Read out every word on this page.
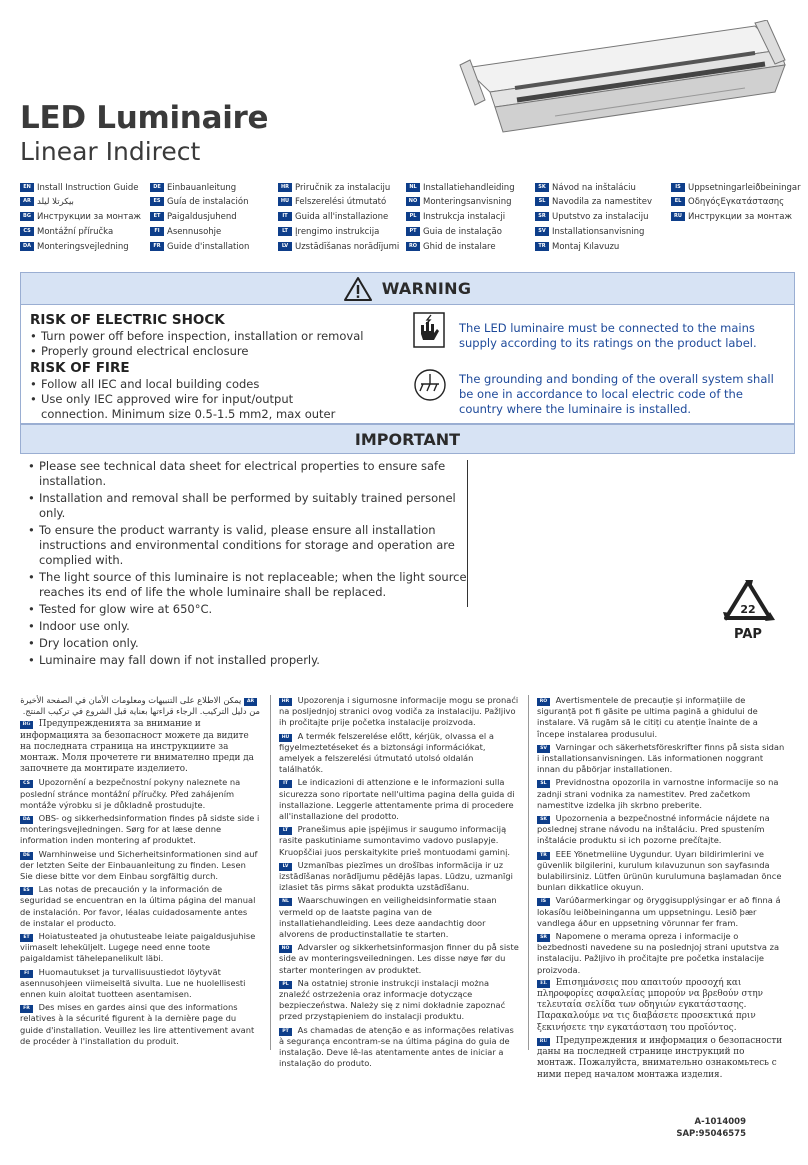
LED Luminaire
Linear Indirect
EN Install Instruction Guide
AR بيكرتلا ليلد
BG Инструкции за монтаж
CS Montážní příručka
DA Monteringsvejledning
DE Einbauanleitung
ES Guía de instalación
ET Paigaldusjuhend
FI Asennusohje
FR Guide d'installation
HR Priručnik za instalaciju
HU Felszerelési útmutató
IT Guida all'installazione
LT Įrengimo instrukcija
LV Uzstādīšanas norādījumi
NL Installatiehandleiding
NO Monteringsanvisning
PL Instrukcja instalacji
PT Guia de instalação
RO Ghid de instalare
SK Návod na inštaláciu
SL Navodila za namestitev
SR Uputstvo za instalaciju
SV Installationsanvisning
TR Montaj Kılavuzu
IS Uppsetningarleiðbeiningar
EL ΟδηγόςΕγκατάστασης
RU Инструкции за монтаж
WARNING
RISK OF ELECTRIC SHOCK
• Turn power off before inspection, installation or removal
• Properly ground electrical enclosure
RISK OF FIRE
• Follow all IEC and local building codes
• Use only IEC approved wire for input/output connection. Minimum size 0.5-1.5 mm2, max outer
The LED luminaire must be connected to the mains supply according to its ratings on the product label.
The grounding and bonding of the overall system shall be one in accordance to local electric code of the country where the luminaire is installed.
IMPORTANT
• Please see technical data sheet for electrical properties to ensure safe installation.
• Installation and removal shall be performed by suitably trained personel only.
• To ensure the product warranty is valid, please ensure all installation instructions and environmental conditions for storage and operation are complied with.
• The light source of this luminaire is not replaceable; when the light source reaches its end of life the whole luminaire shall be replaced.
• Tested for glow wire at 650°C.
• Indoor use only.
• Dry location only.
• Luminaire may fall down if not installed properly.
22
PAP
AR يمكن الاطلاع على التنبيهات ومعلومات الأمان في الصفحة الأخيرة من دليل التركيب. الرجاء قراءتها بعناية قبل الشروع في تركيب المنتج.
BG Предупрежденията за внимание и информацията за безопасност можете да видите на последната страница на инструкциите за монтаж. Моля прочетете ги внимателно преди да започнете да монтирате изделието.
CS Upozornění a bezpečnostní pokyny naleznete na poslední stránce montážní příručky. Před zahájením montáže výrobku si je důkladně prostudujte.
DA OBS- og sikkerhedsinformation findes på sidste side i monteringsvejledningen. Sørg for at læse denne information inden montering af produktet.
DE Warnhinweise und Sicherheitsinformationen sind auf der letzten Seite der Einbauanleitung zu finden. Lesen Sie diese bitte vor dem Einbau sorgfältig durch.
ES Las notas de precaución y la información de seguridad se encuentran en la última página del manual de instalación. Por favor, léalas cuidadosamente antes de instalar el producto.
ET Hoiatusteated ja ohutusteabe leiate paigaldusjuhise viimaselt leheküljelt. Lugege need enne toote paigaldamist tähelepanelikult läbi.
FI Huomautukset ja turvallisuustiedot löytyvät asennusohjeen viimeiseltä sivulta. Lue ne huolellisesti ennen kuin aloitat tuotteen asentamisen.
FR Des mises en gardes ainsi que des informations relatives à la sécurité figurent à la dernière page du guide d'installation. Veuillez les lire attentivement avant de procéder à l'installation du produit.
HR Upozorenja i sigurnosne informacije mogu se pronaći na posljednjoj stranici ovog vodiča za instalaciju. Pažljivo ih pročitajte prije početka instalacije proizvoda.
HU A termék felszerelése előtt, kérjük, olvassa el a figyelmeztetéseket és a biztonsági információkat, amelyek a felszerelési útmutató utolsó oldalán találhatók.
IT Le indicazioni di attenzione e le informazioni sulla sicurezza sono riportate nell'ultima pagina della guida di installazione. Leggerle attentamente prima di procedere all'installazione del prodotto.
LT Pranešimus apie įspėjimus ir saugumo informaciją rasite paskutiniame sumontavimo vadovo puslapyje. Kruopščiai juos perskaitykite prieš montuodami gaminį.
LV Uzmanības piezīmes un drošības informācija ir uz izstādīšanas norādījumu pēdējās lapas. Lūdzu, uzmanīgi izlasiet tās pirms sākat produkta uzstādīšanu.
NL Waarschuwingen en veiligheidsinformatie staan vermeld op de laatste pagina van de installatiehandleiding. Lees deze aandachtig door alvorens de productinstallatie te starten.
NO Advarsler og sikkerhetsinformasjon finner du på siste side av monteringsveiledningen. Les disse nøye før du starter monteringen av produktet.
PL Na ostatniej stronie instrukcji instalacji można znaleźć ostrzeżenia oraz informacje dotyczące bezpieczeństwa. Należy się z nimi dokładnie zapoznać przed przystąpieniem do instalacji produktu.
PT As chamadas de atenção e as informações relativas à segurança encontram-se na última página do guia de instalação. Deve lê-las atentamente antes de iniciar a instalação do produto.
RO Avertismentele de precauție și informațiile de siguranță pot fi găsite pe ultima pagină a ghidului de instalare. Vă rugăm să le citiți cu atenție înainte de a începe instalarea produsului.
SV Varningar och säkerhetsföreskrifter finns på sista sidan i installationsanvisningen. Läs informationen noggrant innan du påbörjar installationen.
SL Previdnostna opozorila in varnostne informacije so na zadnji strani vodnika za namestitev. Pred začetkom namestitve izdelka jih skrbno preberite.
SK Upozornenia a bezpečnostné informácie nájdete na poslednej strane návodu na inštaláciu. Pred spustením inštalácie produktu si ich pozorne prečítajte.
TR EEE Yönetmeliine Uygundur. Uyarı bildirimlerini ve güvenlik bilgilerini, kurulum kılavuzunun son sayfasında bulabilirsiniz. Lütfen ürünün kurulumuna başlamadan önce bunları dikkatlice okuyun.
IS Varúðarmerkingar og öryggisupplýsingar er að finna á lokasíðu leiðbeininganna um uppsetningu. Lesið þær vandlega áður en uppsetning vörunnar fer fram.
SR Napomene o merama opreza i informacije o bezbednosti navedene su na poslednjoj strani uputstva za instalaciju. Pažljivo ih pročitajte pre početka instalacije proizvoda.
EL Επισημάνσεις που απαιτούν προσοχή και πληροφορίες ασφαλείας μπορούν να βρεθούν στην τελευταία σελίδα των οδηγιών εγκατάστασης. Παρακαλούμε να τις διαβάσετε προσεκτικά πριν ξεκινήσετε την εγκατάσταση του προϊόντος.
RU Предупреждения и информация о безопасности даны на последней странице инструкций по монтаж. Пожалуйста, внимательно ознакомьтесь с ними перед началом монтажа изделия.
A-1014009
SAP:95046575
